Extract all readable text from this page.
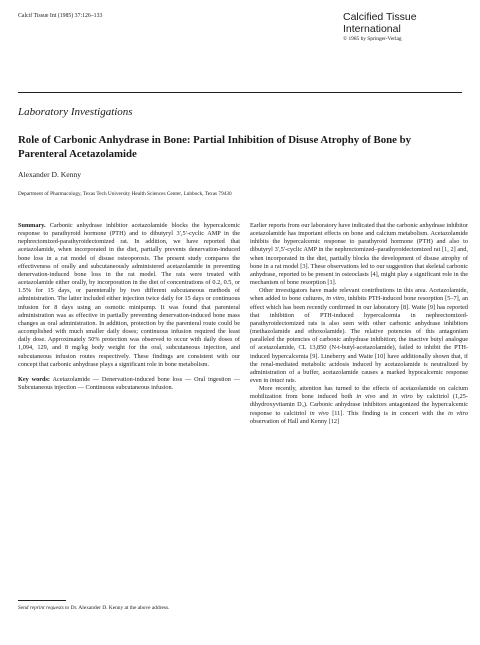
Calcif Tissue Int (1985) 37:126–133	Calcified Tissue
International
© 1985 by Springer-Verlag
Laboratory Investigations
Role of Carbonic Anhydrase in Bone: Partial Inhibition of Disuse Atrophy of Bone by Parenteral Acetazolamide
Alexander D. Kenny
Department of Pharmacology, Texas Tech University Health Sciences Center, Lubbock, Texas 79430

Summary. Carbonic anhydrase inhibitor acetazolamide blocks the hypercalcemic response to parathyroid hormone (PTH) and to dibutyryl 3′,5′-cyclic AMP in the nephrectomized-parathyroidectomized rat. In addition, we have reported that acetazolamide, when incorporated in the diet, partially prevents denervation-induced bone loss in a rat model of disuse osteoporosis. The present study compares the effectiveness of orally and subcutaneously administered acetazolamide in preventing denervation-induced bone loss in the rat model. The rats were treated with acetazolamide either orally, by incorporation in the diet of concentrations of 0.2, 0.5, or 1.5% for 15 days, or parenterally by two different subcutaneous methods of administration. The latter included either injection twice daily for 15 days or continuous infusion for 8 days using an osmotic minipump. It was found that parenteral administration was as effective in partially preventing denervation-induced bone mass changes as oral administration. In addition, protection by the parenteral route could be accomplished with much smaller daily doses; continuous infusion required the least daily dose. Approximately 50% protection was observed to occur with daily doses of 1,094, 129, and 8 mg/kg body weight for the oral, subcutaneous injection, and subcutaneous infusion routes respectively. These findings are consistent with our concept that carbonic anhydrase plays a significant role in bone metabolism.

Key words: Acetazolamide — Denervation-induced bone loss — Oral ingestion — Subcutaneous injection — Continuous subcutaneous infusion.

Send reprint requests to Dr. Alexander D. Kenny at the above address.

Earlier reports from our laboratory have indicated that the carbonic anhydrase inhibitor acetazolamide has important effects on bone and calcium metabolism. Acetazolamide inhibits the hypercalcemic response to parathyroid hormone (PTH) and also to dibutyryl 3′,5′-cyclic AMP in the nephrectomized–parathyroidectomized rat [1, 2] and, when incorporated in the diet, partially blocks the development of disuse atrophy of bone in a rat model [3]. These observations led to our suggestion that skeletal carbonic anhydrase, reported to be present in osteoclasts [4], might play a significant role in the mechanism of bone resorption [1].

Other investigators have made relevant contributions in this area. Acetazolamide, when added to bone cultures, in vitro, inhibits PTH-induced bone resorption [5–7], an effect which has been recently confirmed in our laboratory [8]. Waite [9] has reported that inhibition of PTH-induced hypercalcemia in nephrectomized-parathyroidectomized rats is also seen with other carbonic anhydrase inhibitors (methazolamide and ethoxolamide). The relative potencies of this antagonism paralleled the potencies of carbonic anhydrase inhibition; the inactive butyl analogue of acetazolamide, CL 13,850 (N-t-butyl-acetazolamide), failed to inhibit the PTH-induced hypercalcemia [9]. Lineberry and Waite [10] have additionally shown that, if the renal-mediated metabolic acidosis induced by acetazolamide is neutralized by administration of a buffer, acetazolamide causes a marked hypocalcemic response even in intact rats.

More recently, attention has turned to the effects of acetazolamide on calcium mobilization from bone induced both in vivo and in vitro by calcitriol (1,25-dihydroxyvitamin D₃). Carbonic anhydrase inhibitors antagonized the hypercalcemic response to calcitriol in vivo [11]. This finding is in concert with the in vitro observation of Hall and Kenny [12]
